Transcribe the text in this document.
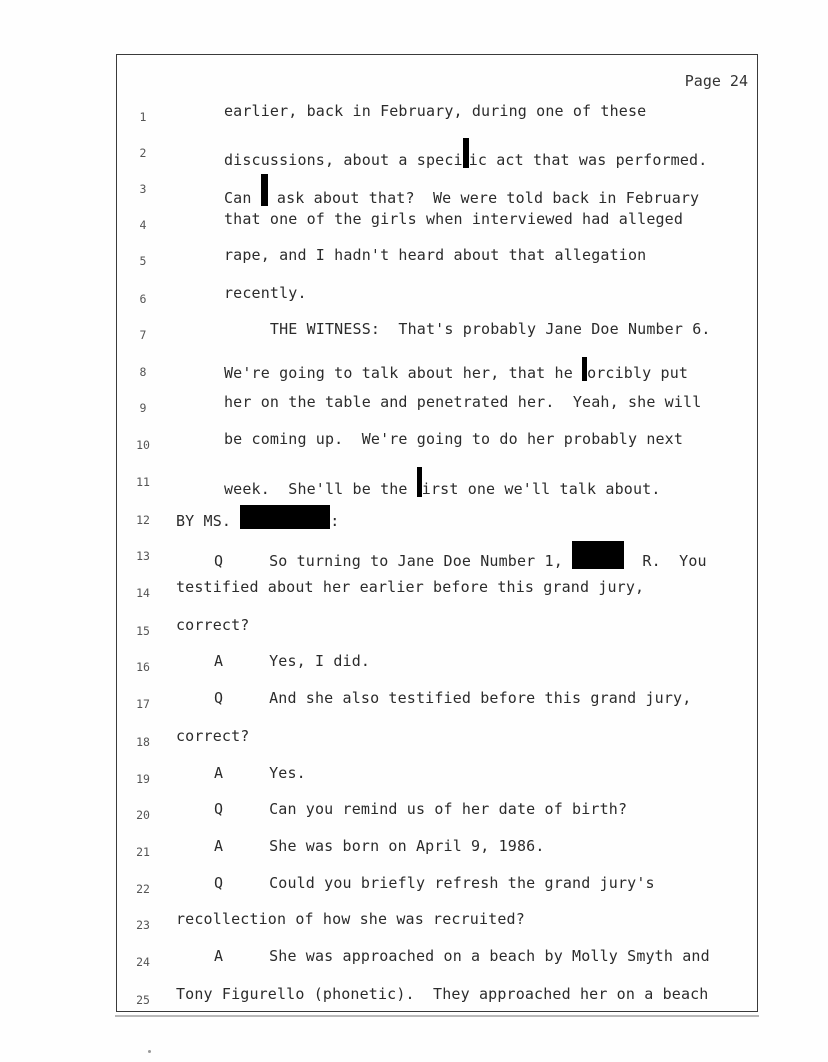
Page 24
1	earlier, back in February, during one of these
2	discussions, about a speci ic act that was performed.
3	Can  ask about that?  We were told back in February
4	that one of the girls when interviewed had alleged
5	rape, and I hadn't heard about that allegation
6	recently.
7	THE WITNESS:  That's probably Jane Doe Number 6.
8	We're going to talk about her, that he orcibly put
9	her on the table and penetrated her.  Yeah, she will
10	be coming up.  We're going to do her probably next
11	week.  She'll be the irst one we'll talk about.
12	BY MS.	:
13	Q     So turning to Jane Doe Number 1,	R.  You
14	testified about her earlier before this grand jury,
15	correct?
16	A     Yes, I did.
17	Q     And she also testified before this grand jury,
18	correct?
19	A     Yes.
20	Q     Can you remind us of her date of birth?
21	A     She was born on April 9, 1986.
22	Q     Could you briefly refresh the grand jury's
23	recollection of how she was recruited?
24	A     She was approached on a beach by Molly Smyth and
25	Tony Figurello (phonetic).  They approached her on a beach
